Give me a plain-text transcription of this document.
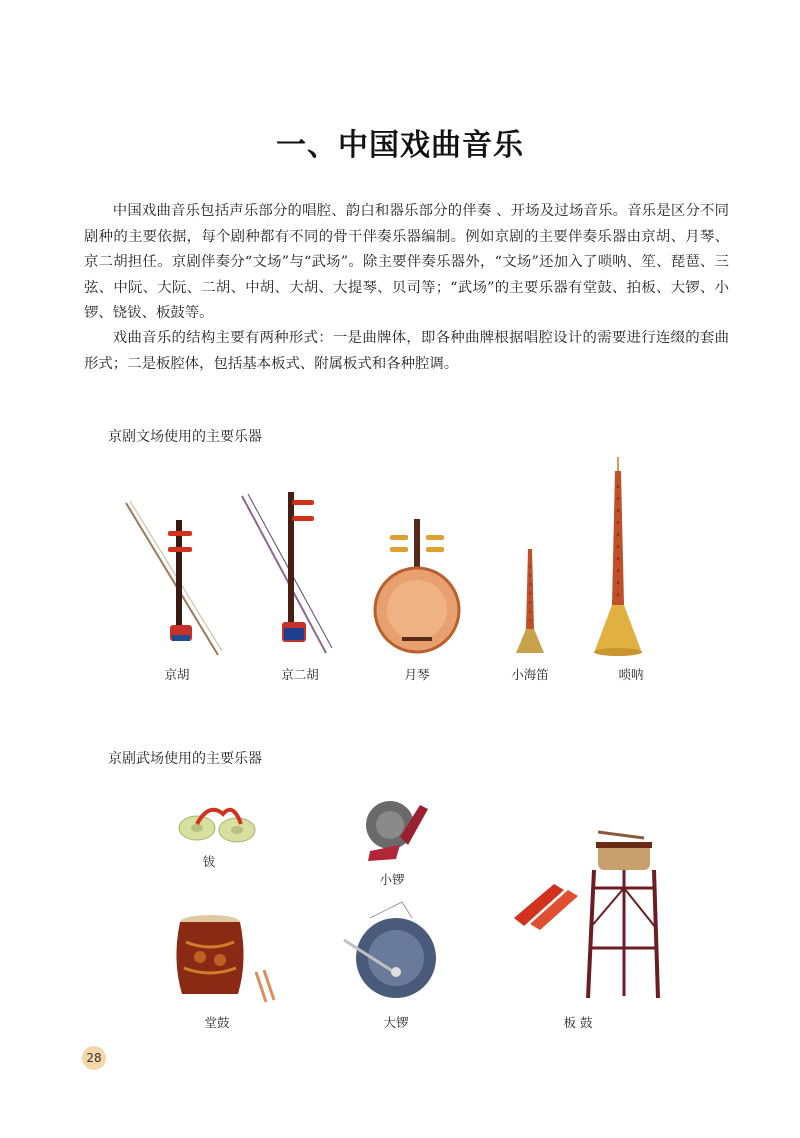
一、中国戏曲音乐

中国戏曲音乐包括声乐部分的唱腔、韵白和器乐部分的伴奏 、开场及过场音乐。音乐是区分不同剧种的主要依据，每个剧种都有不同的骨干伴奏乐器编制。例如京剧的主要伴奏乐器由京胡、月琴、京二胡担任。京剧伴奏分“文场”与“武场”。除主要伴奏乐器外，“文场”还加入了唢呐、笙、琵琶、三弦、中阮、大阮、二胡、中胡、大胡、大提琴、贝司等；“武场”的主要乐器有堂鼓、拍板、大锣、小锣、铙钹、板鼓等。

戏曲音乐的结构主要有两种形式：一是曲牌体，即各种曲牌根据唱腔设计的需要进行连缀的套曲形式；二是板腔体，包括基本板式、附属板式和各种腔调。

京剧文场使用的主要乐器
京胡	京二胡	月琴	小海笛	唢呐
京剧武场使用的主要乐器
钹
小锣
堂鼓	大锣	板 鼓
28
